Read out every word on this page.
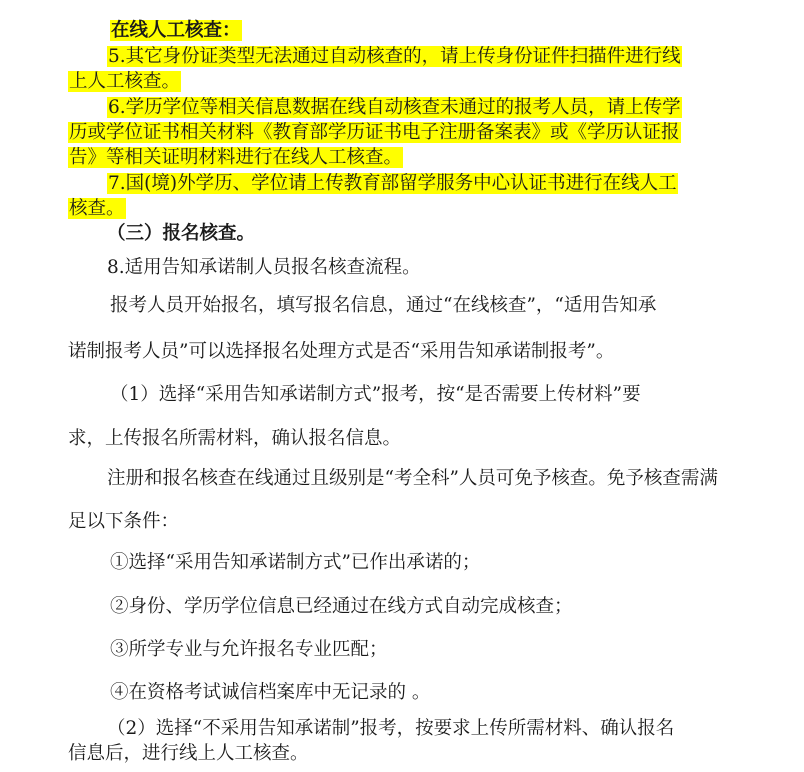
在线人工核查：
5.其它身份证类型无法通过自动核查的，请上传身份证件扫描件进行线
上人工核查。
6.学历学位等相关信息数据在线自动核查未通过的报考人员，请上传学
历或学位证书相关材料《教育部学历证书电子注册备案表》或《学历认证报
告》等相关证明材料进行在线人工核查。
7.国(境)外学历、学位请上传教育部留学服务中心认证书进行在线人工
核查。
（三）报名核查。
8.适用告知承诺制人员报名核查流程。
报考人员开始报名，填写报名信息，通过“在线核查”，“适用告知承
诺制报考人员”可以选择报名处理方式是否“采用告知承诺制报考”。
（1）选择“采用告知承诺制方式”报考，按“是否需要上传材料”要
求，上传报名所需材料，确认报名信息。
注册和报名核查在线通过且级别是“考全科”人员可免予核查。免予核查需满
足以下条件：
①选择“采用告知承诺制方式”已作出承诺的；
②身份、学历学位信息已经通过在线方式自动完成核查；
③所学专业与允许报名专业匹配；
④在资格考试诚信档案库中无记录的 。
（2）选择“不采用告知承诺制”报考，按要求上传所需材料、确认报名
信息后，进行线上人工核查。
